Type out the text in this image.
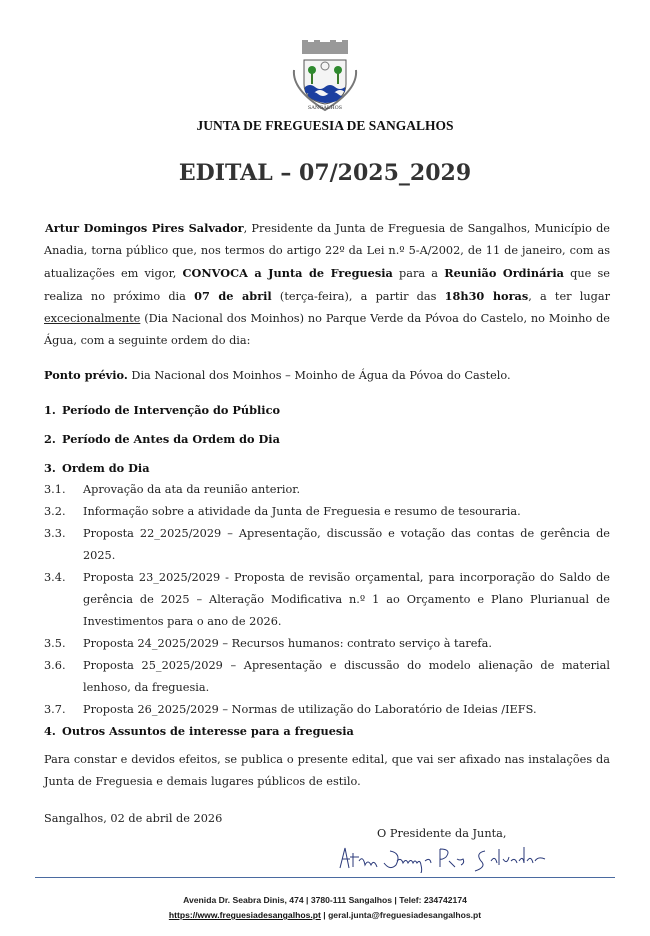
SANGALHOS
JUNTA DE FREGUESIA DE SANGALHOS
EDITAL – 07/2025_2029
Artur Domingos Pires Salvador, Presidente da Junta de Freguesia de Sangalhos, Município de Anadia, torna público que, nos termos do artigo 22º da Lei n.º 5-A/2002, de 11 de janeiro, com as atualizações em vigor, CONVOCA a Junta de Freguesia para a Reunião Ordinária que se realiza no próximo dia 07 de abril (terça-feira), a partir das 18h30 horas, a ter lugar excecionalmente (Dia Nacional dos Moinhos) no Parque Verde da Póvoa do Castelo, no Moinho de Água, com a seguinte ordem do dia:
Ponto prévio. Dia Nacional dos Moinhos – Moinho de Água da Póvoa do Castelo.
1. Período de Intervenção do Público
2. Período de Antes da Ordem do Dia
3. Ordem do Dia
3.1.	Aprovação da ata da reunião anterior.
3.2.	Informação sobre a atividade da Junta de Freguesia e resumo de tesouraria.
3.3.	Proposta 22_2025/2029 – Apresentação, discussão e votação das contas de gerência de 2025.
3.4.	Proposta 23_2025/2029 - Proposta de revisão orçamental, para incorporação do Saldo de gerência de 2025 – Alteração Modificativa n.º 1 ao Orçamento e Plano Plurianual de Investimentos para o ano de 2026.
3.5.	Proposta 24_2025/2029 – Recursos humanos: contrato serviço à tarefa.
3.6.	Proposta 25_2025/2029 – Apresentação e discussão do modelo alienação de material lenhoso, da freguesia.
3.7.	Proposta 26_2025/2029 – Normas de utilização do Laboratório de Ideias /IEFS.
4. Outros Assuntos de interesse para a freguesia
Para constar e devidos efeitos, se publica o presente edital, que vai ser afixado nas instalações da Junta de Freguesia e demais lugares públicos de estilo.
Sangalhos, 02 de abril de 2026
O Presidente da Junta,
Avenida Dr. Seabra Dinis, 474 | 3780-111 Sangalhos | Telef: 234742174
https://www.freguesiadesangalhos.pt | geral.junta@freguesiadesangalhos.pt
